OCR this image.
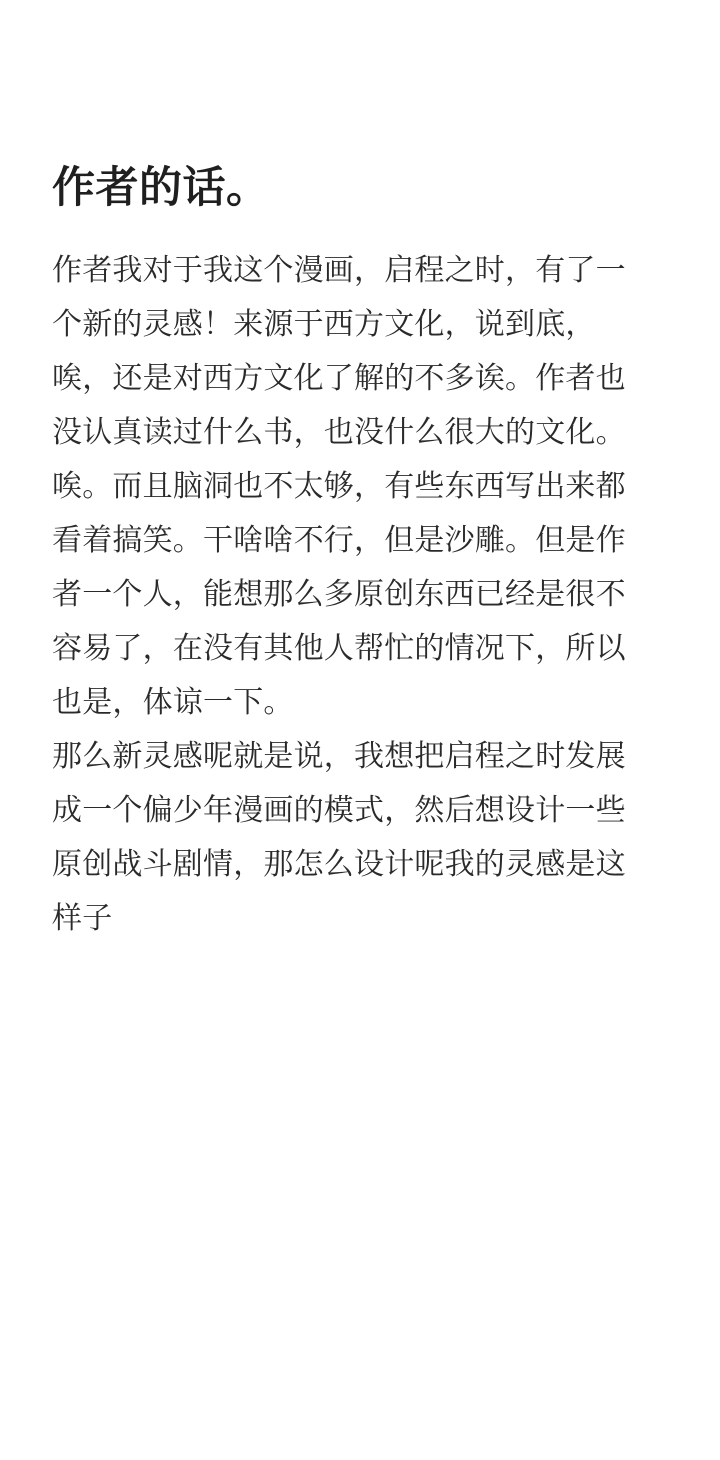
作者的话。
作者我对于我这个漫画，启程之时，有了一
个新的灵感！来源于西方文化，说到底，
唉，还是对西方文化了解的不多诶。作者也
没认真读过什么书，也没什么很大的文化。
唉。而且脑洞也不太够，有些东西写出来都
看着搞笑。干啥啥不行，但是沙雕。但是作
者一个人，能想那么多原创东西已经是很不
容易了，在没有其他人帮忙的情况下，所以
也是，体谅一下。
那么新灵感呢就是说，我想把启程之时发展
成一个偏少年漫画的模式，然后想设计一些
原创战斗剧情，那怎么设计呢我的灵感是这
样子
